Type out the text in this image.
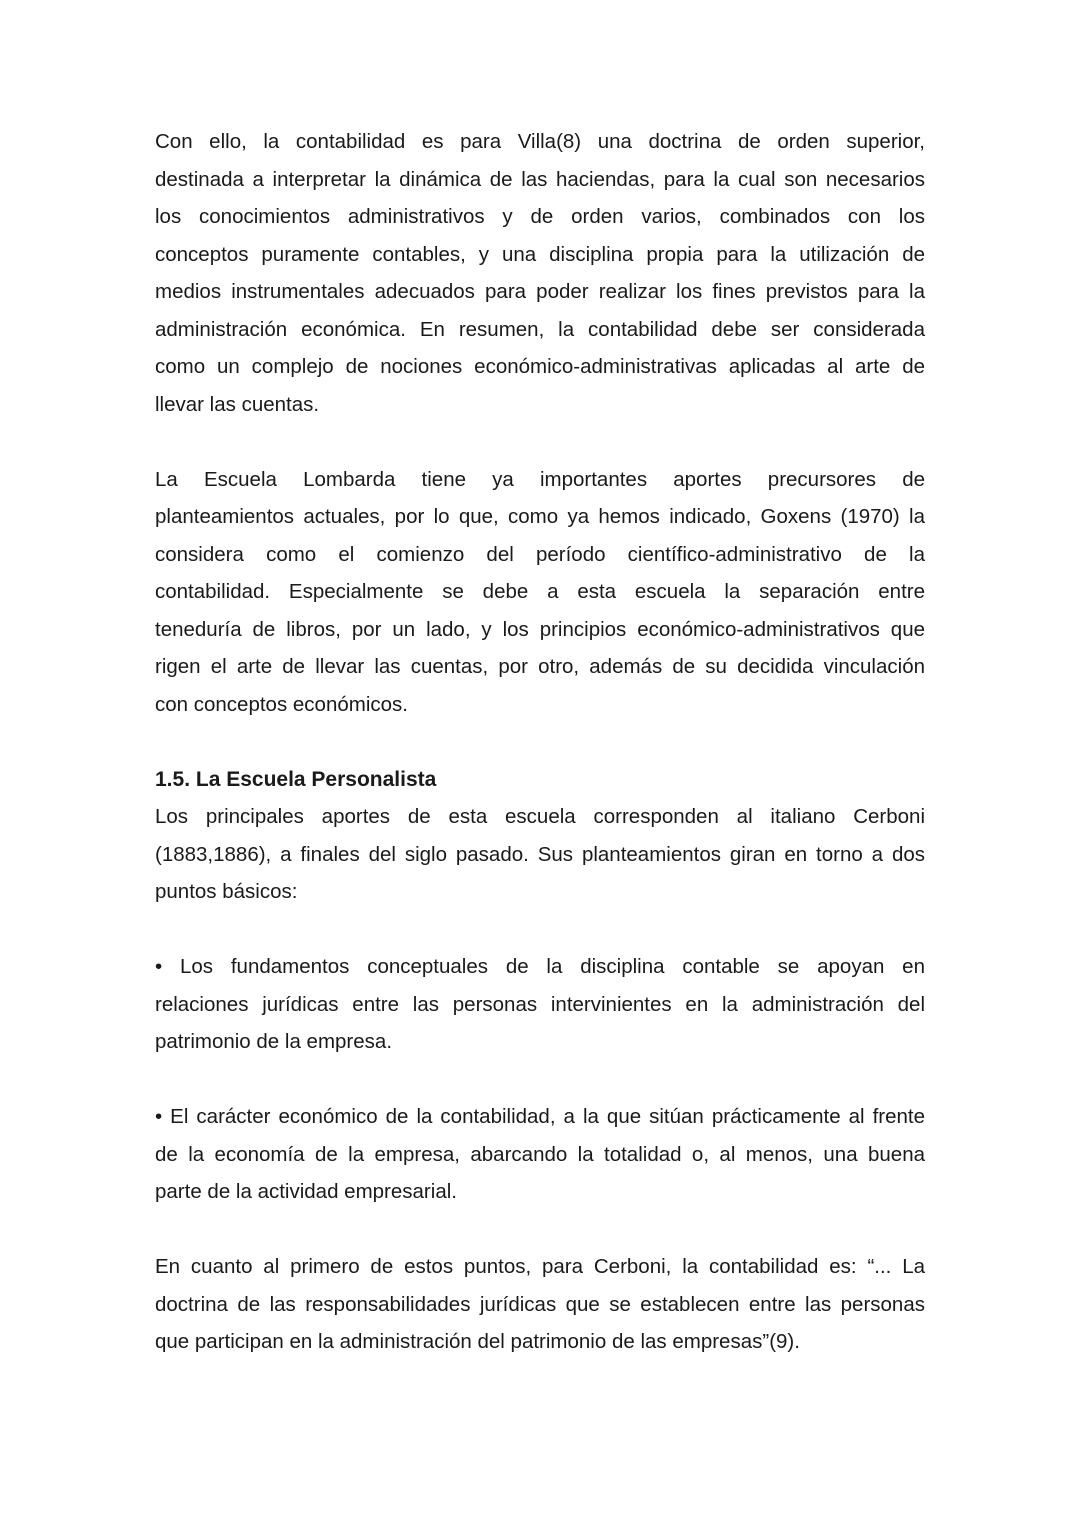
Con ello, la contabilidad es para Villa(8) una doctrina de orden superior,
destinada a interpretar la dinámica de las haciendas, para la cual son necesarios
los conocimientos administrativos y de orden varios, combinados con los
conceptos puramente contables, y una disciplina propia para la utilización de
medios instrumentales adecuados para poder realizar los fines previstos para la
administración económica. En resumen, la contabilidad debe ser considerada
como un complejo de nociones económico-administrativas aplicadas al arte de
llevar las cuentas.
La Escuela Lombarda tiene ya importantes aportes precursores de
planteamientos actuales, por lo que, como ya hemos indicado, Goxens (1970) la
considera como el comienzo del período científico-administrativo de la
contabilidad. Especialmente se debe a esta escuela la separación entre
teneduría de libros, por un lado, y los principios económico-administrativos que
rigen el arte de llevar las cuentas, por otro, además de su decidida vinculación
con conceptos económicos.
1.5. La Escuela Personalista
Los principales aportes de esta escuela corresponden al italiano Cerboni
(1883,1886), a finales del siglo pasado. Sus planteamientos giran en torno a dos
puntos básicos:
• Los fundamentos conceptuales de la disciplina contable se apoyan en
relaciones jurídicas entre las personas intervinientes en la administración del
patrimonio de la empresa.
• El carácter económico de la contabilidad, a la que sitúan prácticamente al frente
de la economía de la empresa, abarcando la totalidad o, al menos, una buena
parte de la actividad empresarial.
En cuanto al primero de estos puntos, para Cerboni, la contabilidad es: “... La
doctrina de las responsabilidades jurídicas que se establecen entre las personas
que participan en la administración del patrimonio de las empresas”(9).
